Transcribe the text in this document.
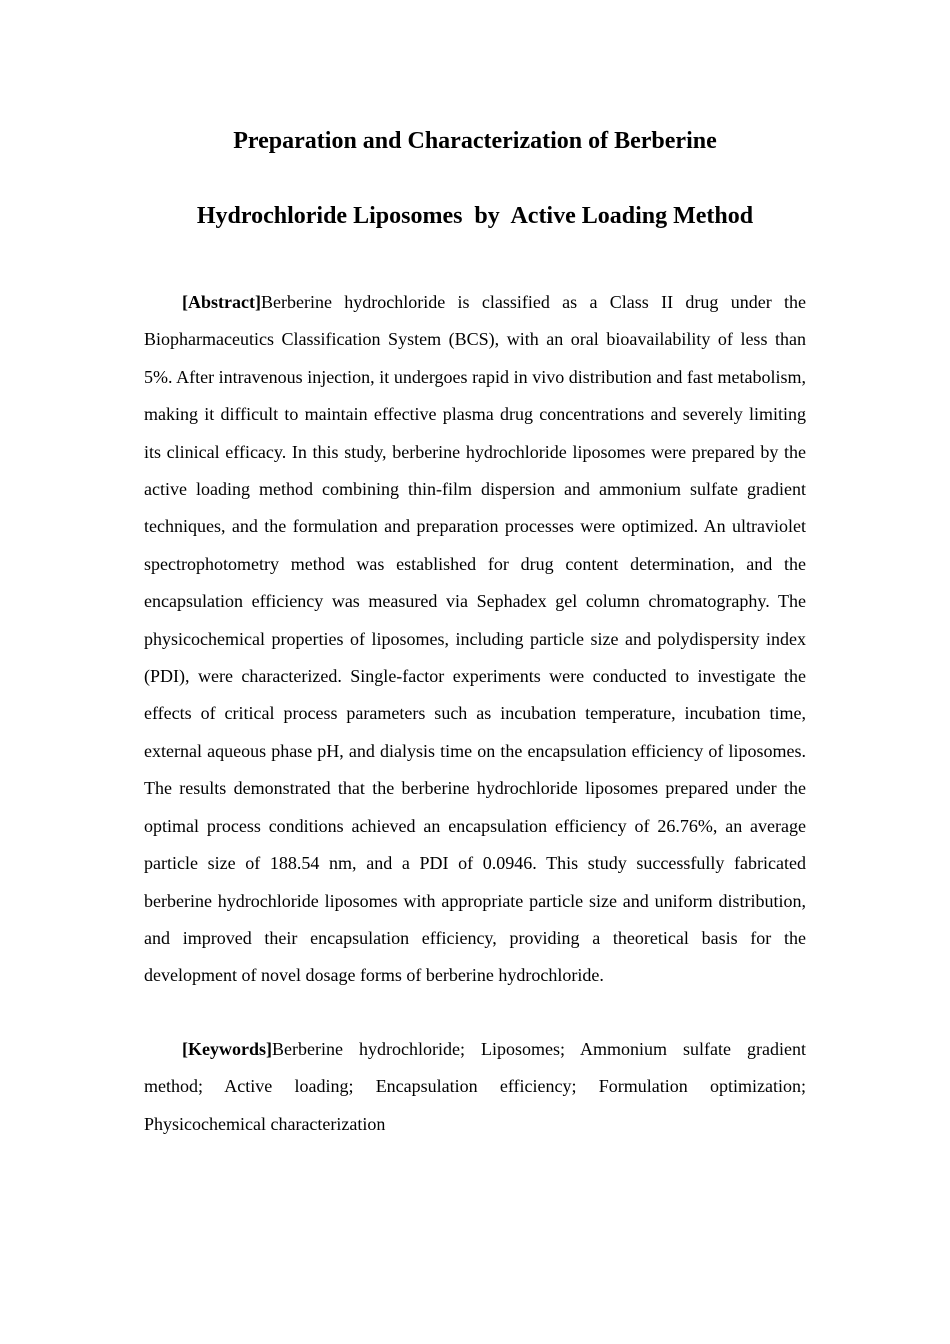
Preparation and Characterization of Berberine
Hydrochloride Liposomes  by  Active Loading Method

[Abstract]Berberine hydrochloride is classified as a Class II drug under the Biopharmaceutics Classification System (BCS), with an oral bioavailability of less than 5%. After intravenous injection, it undergoes rapid in vivo distribution and fast metabolism, making it difficult to maintain effective plasma drug concentrations and severely limiting its clinical efficacy. In this study, berberine hydrochloride liposomes were prepared by the active loading method combining thin-film dispersion and ammonium sulfate gradient techniques, and the formulation and preparation processes were optimized. An ultraviolet spectrophotometry method was established for drug content determination, and the encapsulation efficiency was measured via Sephadex gel column chromatography. The physicochemical properties of liposomes, including particle size and polydispersity index (PDI), were characterized. Single-factor experiments were conducted to investigate the effects of critical process parameters such as incubation temperature, incubation time, external aqueous phase pH, and dialysis time on the encapsulation efficiency of liposomes. The results demonstrated that the berberine hydrochloride liposomes prepared under the optimal process conditions achieved an encapsulation efficiency of 26.76%, an average particle size of 188.54 nm, and a PDI of 0.0946. This study successfully fabricated berberine hydrochloride liposomes with appropriate particle size and uniform distribution, and improved their encapsulation efficiency, providing a theoretical basis for the development of novel dosage forms of berberine hydrochloride.

[Keywords]Berberine hydrochloride; Liposomes; Ammonium sulfate gradient method; Active loading; Encapsulation efficiency; Formulation optimization; Physicochemical characterization
